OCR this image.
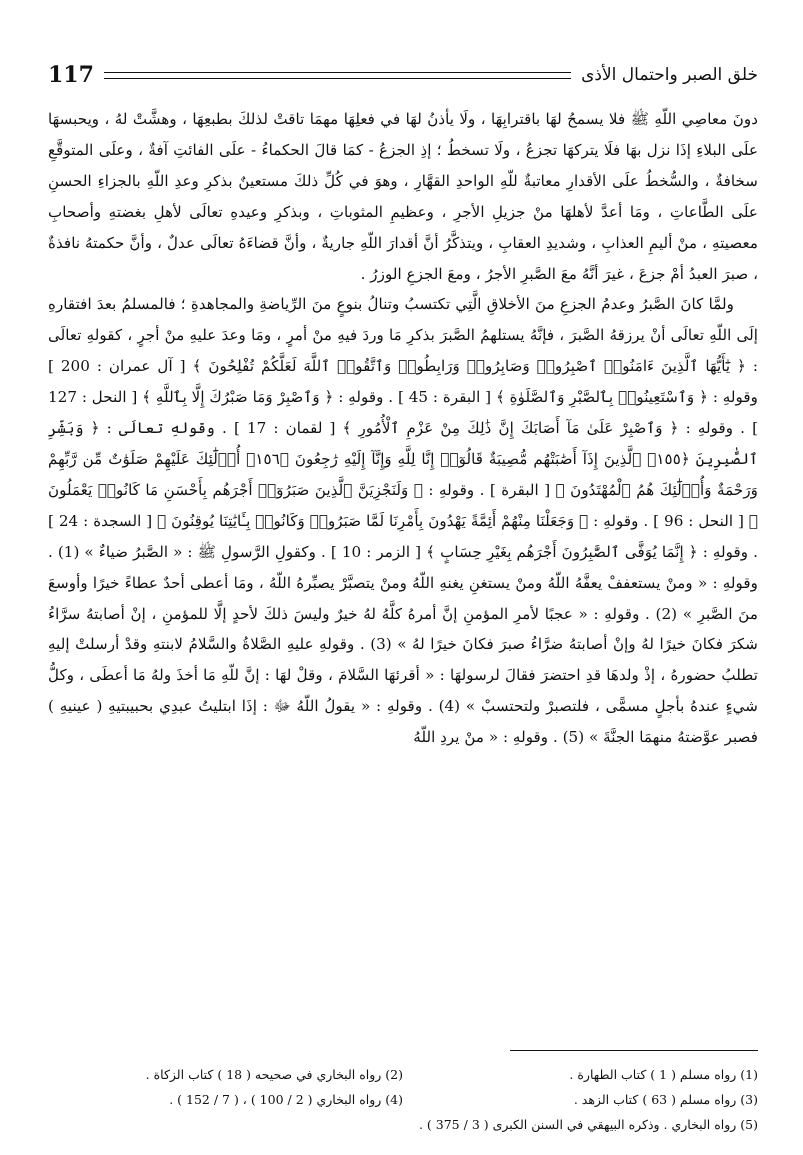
خلق الصبر واحتمال الأذى
117

دونَ معاصِي اللّهِ ﷺ فلا يسمحُ لهَا باقترابِهَا ، ولَا يأذنُ لهَا في فعلِهَا مهمَا تاقتْ لذلكَ بطبعِهَا ، وهشَّتْ لهُ ، ويحبسهَا علَى البلاءِ إذَا نزل بهَا فلَا يتركهَا تجزعُ ، ولَا تسخطُ ؛ إذِ الجزعُ - كمَا قالَ الحكماءُ - علَى الفائتِ آفةٌ ، وعلَى المتوقَّعِ سخافةٌ ، والسُّخطُ علَى الأقدارِ معاتبةٌ للّهِ الواحدِ القهَّارِ ، وهوَ في كُلِّ ذلكَ مستعينٌ بذكرِ وعدِ اللّهِ بالجزاءِ الحسنِ علَى الطَّاعاتِ ، ومَا أعدَّ لأهلهَا منْ جزيلِ الأجرِ ، وعظيمِ المثوباتِ ، وبذكرِ وعيدهِ تعالَى لأهلِ بغضتهِ وأصحابِ معصيتهِ ، منْ أليمِ العذابِ ، وشديدِ العقابِ ، ويتذكَّرُ أنَّ أقدارَ اللّهِ جاريةٌ ، وأنَّ قضاءَهُ تعالَى عدلٌ ، وأنَّ حكمتهُ نافذةٌ ، صبرَ العبدُ أمْ جزعَ ، غيرَ أنَّهُ معَ الصَّبرِ الأجرُ ، ومعَ الجزعِ الوزرُ .

ولمَّا كانَ الصَّبرُ وعدمُ الجزعِ منَ الأخلاقِ الَّتِي تكتسبُ وتنالُ بنوعٍ منَ الرِّياضةِ والمجاهدةِ ؛ فالمسلمُ بعدَ افتقارهِ إلَى اللّهِ تعالَى أنْ يرزقهُ الصَّبرَ ، فإنَّهُ يستلهمُ الصَّبرَ بذكرِ مَا وردَ فيهِ منْ أمرٍ ، ومَا وعدَ عليهِ منْ أجرٍ ، كقولهِ تعالَى : ﴿ يَٰٓأَيُّهَا ٱلَّذِينَ ءَامَنُوا۟ ٱصْبِرُوا۟ وَصَابِرُوا۟ وَرَابِطُوا۟ وَٱتَّقُوا۟ ٱللَّهَ لَعَلَّكُمْ تُفْلِحُونَ ﴾ [ آل عمران : 200 ] وقولهِ : ﴿ وَٱسْتَعِينُوا۟ بِٱلصَّبْرِ وَٱلصَّلَوٰةِ ﴾ [ البقرة : 45 ] . وقولهِ : ﴿ وَٱصْبِرْ وَمَا صَبْرُكَ إِلَّا بِٱللَّهِ ﴾ [ النحل : 127 ] . وقولهِ : ﴿ وَٱصْبِرْ عَلَىٰ مَآ أَصَابَكَ إِنَّ ذَٰلِكَ مِنْ عَزْمِ ٱلْأُمُورِ ﴾ [ لقمان : 17 ] . وقولهِ تعالَى : ﴿ وَبَشِّرِ ٱلصَّٰبِرِينَ ﴿١٥٥﴾ ٱلَّذِينَ إِذَآ أَصَٰبَتْهُم مُّصِيبَةٌ قَالُوٓا۟ إِنَّا لِلَّهِ وَإِنَّآ إِلَيْهِ رَٰجِعُونَ ﴿١٥٦﴾ أُو۟لَٰٓئِكَ عَلَيْهِمْ صَلَوَٰتٌ مِّن رَّبِّهِمْ وَرَحْمَةٌ وَأُو۟لَٰٓئِكَ هُمُ ٱلْمُهْتَدُونَ ﴾ [ البقرة ] . وقولهِ : ﴿ وَلَنَجْزِيَنَّ ٱلَّذِينَ صَبَرُوٓا۟ أَجْرَهُم بِأَحْسَنِ مَا كَانُوا۟ يَعْمَلُونَ ﴾ [ النحل : 96 ] . وقولهِ : ﴿ وَجَعَلْنَا مِنْهُمْ أَئِمَّةً يَهْدُونَ بِأَمْرِنَا لَمَّا صَبَرُوا۟ وَكَانُوا۟ بِـَٔايَٰتِنَا يُوقِنُونَ ﴾ [ السجدة : 24 ] . وقولهِ : ﴿ إِنَّمَا يُوَفَّى ٱلصَّٰبِرُونَ أَجْرَهُم بِغَيْرِ حِسَابٍ ﴾ [ الزمر : 10 ] . وكقولِ الرَّسولِ ﷺ : « الصَّبرُ ضياءٌ » (1) . وقولهِ : « ومنْ يستعففْ يعفَّهُ اللّهُ ومنْ يستغنِ يغنهِ اللّهُ ومنْ يتصبَّرْ يصبِّرهُ اللّهُ ، ومَا أعطى أحدٌ عطاءً خيرًا وأوسعَ منَ الصَّبرِ » (2) . وقولهِ : « عجبًا لأمرِ المؤمنِ إنَّ أمرهُ كلَّهُ لهُ خيرٌ وليسَ ذلكَ لأحدٍ إلَّا للمؤمنِ ، إنْ أصابتهُ سرَّاءُ شكرَ فكانَ خيرًا لهُ وإنْ أصابتهُ ضرَّاءُ صبرَ فكانَ خيرًا لهُ » (3) . وقولهِ عليهِ الصَّلاةُ والسَّلامُ لابنتهِ وقدْ أرسلتْ إليهِ تطلبُ حضورهُ ، إذْ ولدهَا قدِ احتضرَ فقالَ لرسولهَا : « أقرئهَا السَّلامَ ، وقلْ لهَا : إنَّ للّهِ مَا أخذَ ولهُ مَا أعطَى ، وكلُّ شيءٍ عندهُ بأجلٍ مسمًّى ، فلتصبرْ ولتحتسبْ » (4) . وقولهِ : « يقولُ اللّهُ ﷻ : إذَا ابتليتُ عبدِي بحبيبتيهِ ( عينيهِ ) فصبر عوَّضتهُ منهمَا الجنَّةَ » (5) . وقولهِ : « منْ يردِ اللّهُ

(1) رواه مسلم ( 1 ) كتاب الطهارة .
(2) رواه البخاري في صحيحه ( 18 ) كتاب الزكاة .
(3) رواه مسلم ( 63 ) كتاب الزهد .
(4) رواه البخاري ( 2 / 100 ) ، ( 7 / 152 ) .
(5) رواه البخاري . وذكره البيهقي في السنن الكبرى ( 3 / 375 ) .
